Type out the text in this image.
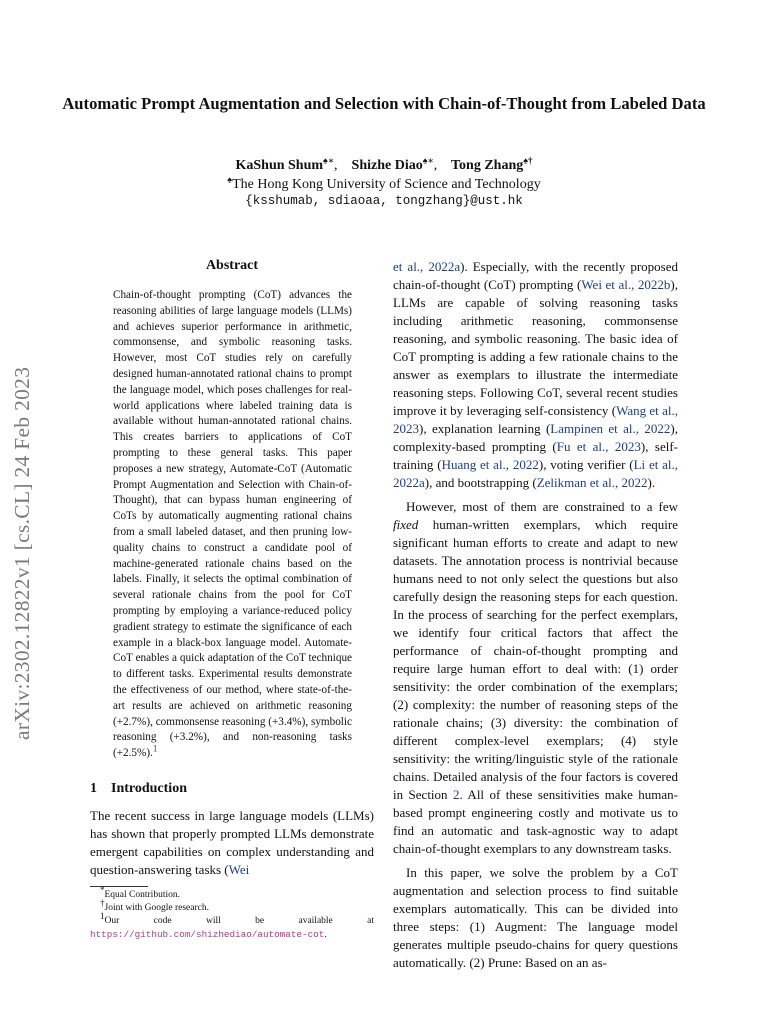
arXiv:2302.12822v1 [cs.CL] 24 Feb 2023
Automatic Prompt Augmentation and Selection with Chain-of-Thought from Labeled Data
KaShun Shum♠∗,    Shizhe Diao♠∗,    Tong Zhang♠†
♠The Hong Kong University of Science and Technology
{ksshumab, sdiaoaa, tongzhang}@ust.hk
Abstract
Chain-of-thought prompting (CoT) advances the reasoning abilities of large language models (LLMs) and achieves superior performance in arithmetic, commonsense, and symbolic reasoning tasks. However, most CoT studies rely on carefully designed human-annotated rational chains to prompt the language model, which poses challenges for real-world applications where labeled training data is available without human-annotated rational chains. This creates barriers to applications of CoT prompting to these general tasks. This paper proposes a new strategy, Automate-CoT (Automatic Prompt Augmentation and Selection with Chain-of-Thought), that can bypass human engineering of CoTs by automatically augmenting rational chains from a small labeled dataset, and then pruning low-quality chains to construct a candidate pool of machine-generated rationale chains based on the labels. Finally, it selects the optimal combination of several rationale chains from the pool for CoT prompting by employing a variance-reduced policy gradient strategy to estimate the significance of each example in a black-box language model. Automate-CoT enables a quick adaptation of the CoT technique to different tasks. Experimental results demonstrate the effectiveness of our method, where state-of-the-art results are achieved on arithmetic reasoning (+2.7%), commonsense reasoning (+3.4%), symbolic reasoning (+3.2%), and non-reasoning tasks (+2.5%).$^1$
1 Introduction

The recent success in large language models (LLMs) has shown that properly prompted LLMs demonstrate emergent capabilities on complex understanding and question-answering tasks (Wei

et al., 2022a). Especially, with the recently proposed chain-of-thought (CoT) prompting (Wei et al., 2022b), LLMs are capable of solving reasoning tasks including arithmetic reasoning, commonsense reasoning, and symbolic reasoning. The basic idea of CoT prompting is adding a few rationale chains to the answer as exemplars to illustrate the intermediate reasoning steps. Following CoT, several recent studies improve it by leveraging self-consistency (Wang et al., 2023), explanation learning (Lampinen et al., 2022), complexity-based prompting (Fu et al., 2023), self-training (Huang et al., 2022), voting verifier (Li et al., 2022a), and bootstrapping (Zelikman et al., 2022).

However, most of them are constrained to a few fixed human-written exemplars, which require significant human efforts to create and adapt to new datasets. The annotation process is nontrivial because humans need to not only select the questions but also carefully design the reasoning steps for each question. In the process of searching for the perfect exemplars, we identify four critical factors that affect the performance of chain-of-thought prompting and require large human effort to deal with: (1) order sensitivity: the order combination of the exemplars; (2) complexity: the number of reasoning steps of the rationale chains; (3) diversity: the combination of different complex-level exemplars; (4) style sensitivity: the writing/linguistic style of the rationale chains. Detailed analysis of the four factors is covered in Section 2. All of these sensitivities make human-based prompt engineering costly and motivate us to find an automatic and task-agnostic way to adapt chain-of-thought exemplars to any downstream tasks.

In this paper, we solve the problem by a CoT augmentation and selection process to find suitable exemplars automatically. This can be divided into three steps: (1) Augment: The language model generates multiple pseudo-chains for query questions automatically. (2) Prune: Based on an as-

*Equal Contribution.
†Joint with Google research.
1Our code will be available at https://github.com/shizhediao/automate-cot.
